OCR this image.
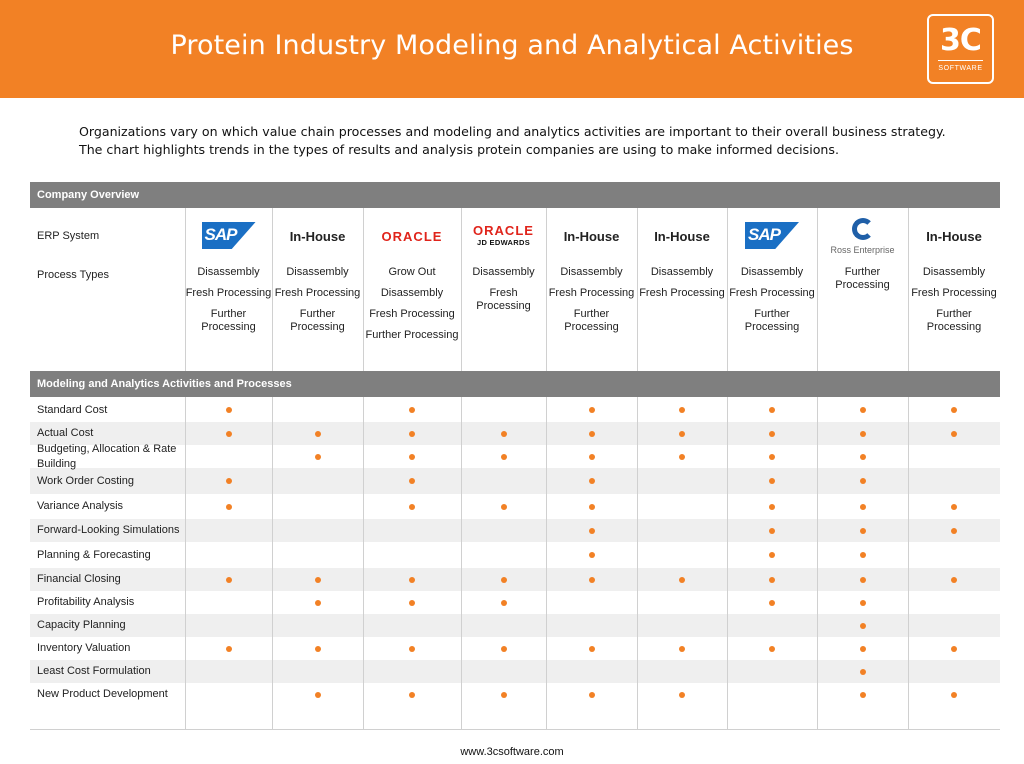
Protein Industry Modeling and Analytical Activities	3C
SOFTWARE

Organizations vary on which value chain processes and modeling and analytics activities are important to their overall business strategy. The chart highlights trends in the types of results and analysis protein companies are using to make informed decisions.

Company Overview
Modeling and Analytics Activities and Processes
ERP System
Process Types
SAP
Disassembly
Fresh Processing
Further Processing
In-House
Disassembly
Fresh Processing
Further Processing
ORACLE
Grow Out
Disassembly
Fresh Processing
Further Processing
ORACLE
JD EDWARDS
Disassembly
Fresh Processing
In-House
Disassembly
Fresh Processing
Further Processing
In-House
Disassembly
Fresh Processing
SAP
Disassembly
Fresh Processing
Further Processing
Ross Enterprise
Further Processing
In-House
Disassembly
Fresh Processing
Further Processing
Standard Cost
Actual Cost
Budgeting, Allocation & Rate Building
Work Order Costing
Variance Analysis
Forward-Looking Simulations
Planning & Forecasting
Financial Closing
Profitability Analysis
Capacity Planning
Inventory Valuation
Least Cost Formulation
New Product Development
www.3csoftware.com
